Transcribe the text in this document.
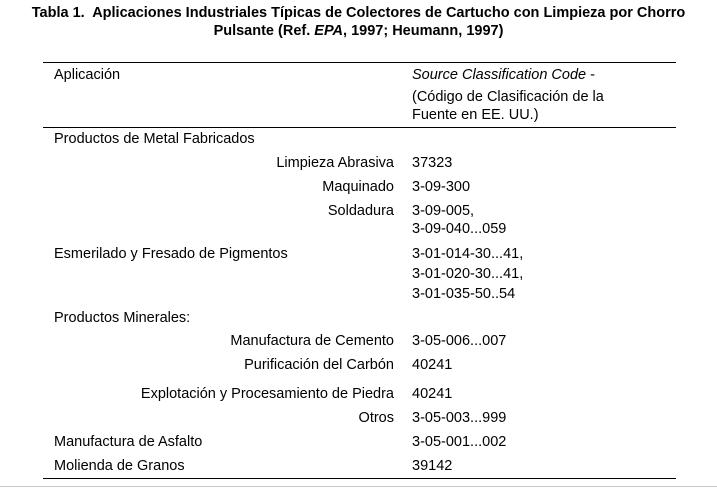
Tabla 1. Aplicaciones Industriales Típicas de Colectores de Cartucho con Limpieza por Chorro
Pulsante (Ref. EPA, 1997; Heumann, 1997)
Aplicación	Source Classification Code -
(Código de Clasificación de la
Fuente en EE. UU.)
Productos de Metal Fabricados
Limpieza Abrasiva 37323
Maquinado 3-09-300
Soldadura 3-09-005,
3-09-040...059
Esmerilado y Fresado de Pigmentos	3-01-014-30...41,
3-01-020-30...41,
3-01-035-50..54
Productos Minerales:
Manufactura de Cemento 3-05-006...007
Purificación del Carbón 40241
Explotación y Procesamiento de Piedra 40241
Otros 3-05-003...999
Manufactura de Asfalto	3-05-001...002
Molienda de Granos	39142
